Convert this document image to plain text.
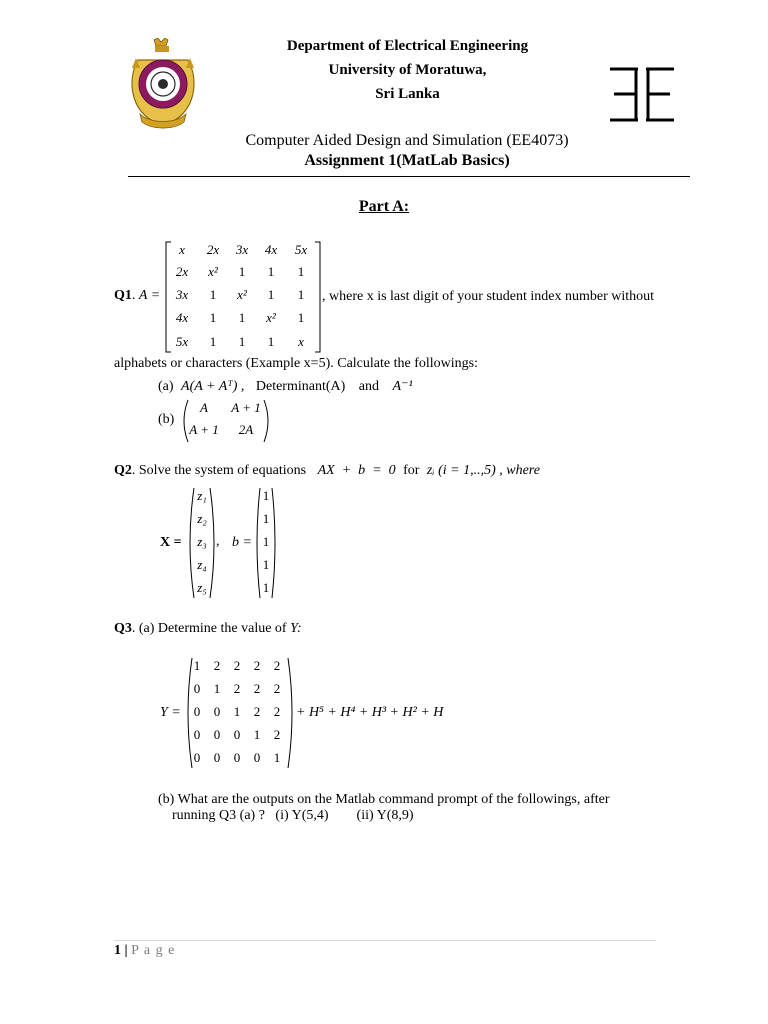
Department of Electrical Engineering
University of Moratuwa,
Sri Lanka
Computer Aided Design and Simulation (EE4073)
Assignment 1(MatLab Basics)
Part A:
Q1. A =
x	2x	3x	4x	5x
2x	x²	1	1	1
3x	1	x²	1	1
4x	1	1	x²	1
5x	1	1	1	x
, where x is last digit of your student index number without
alphabets or characters (Example x=5). Calculate the followings:
(a) A(A + Aᵀ) , Determinant(A) and A⁻¹
(b)
A	A + 1
A + 1	2A
Q2. Solve the system of equations AX  +  b  =  0 for zᵢ (i = 1,..,5) , where
X =
z₁
z₂
z₃
z₄
z₅
, b =
1
1
1
1
1
Q3. (a) Determine the value of Y:
Y =
1	2	2	2	2
0	1	2	2	2
0	0	1	2	2
0	0	0	1	2
0	0	0	0	1
+ H⁵ + H⁴ + H³ + H² + H
(b) What are the outputs on the Matlab command prompt of the followings, after
running Q3 (a) ?   (i) Y(5,4)        (ii) Y(8,9)
1 | P a g e
